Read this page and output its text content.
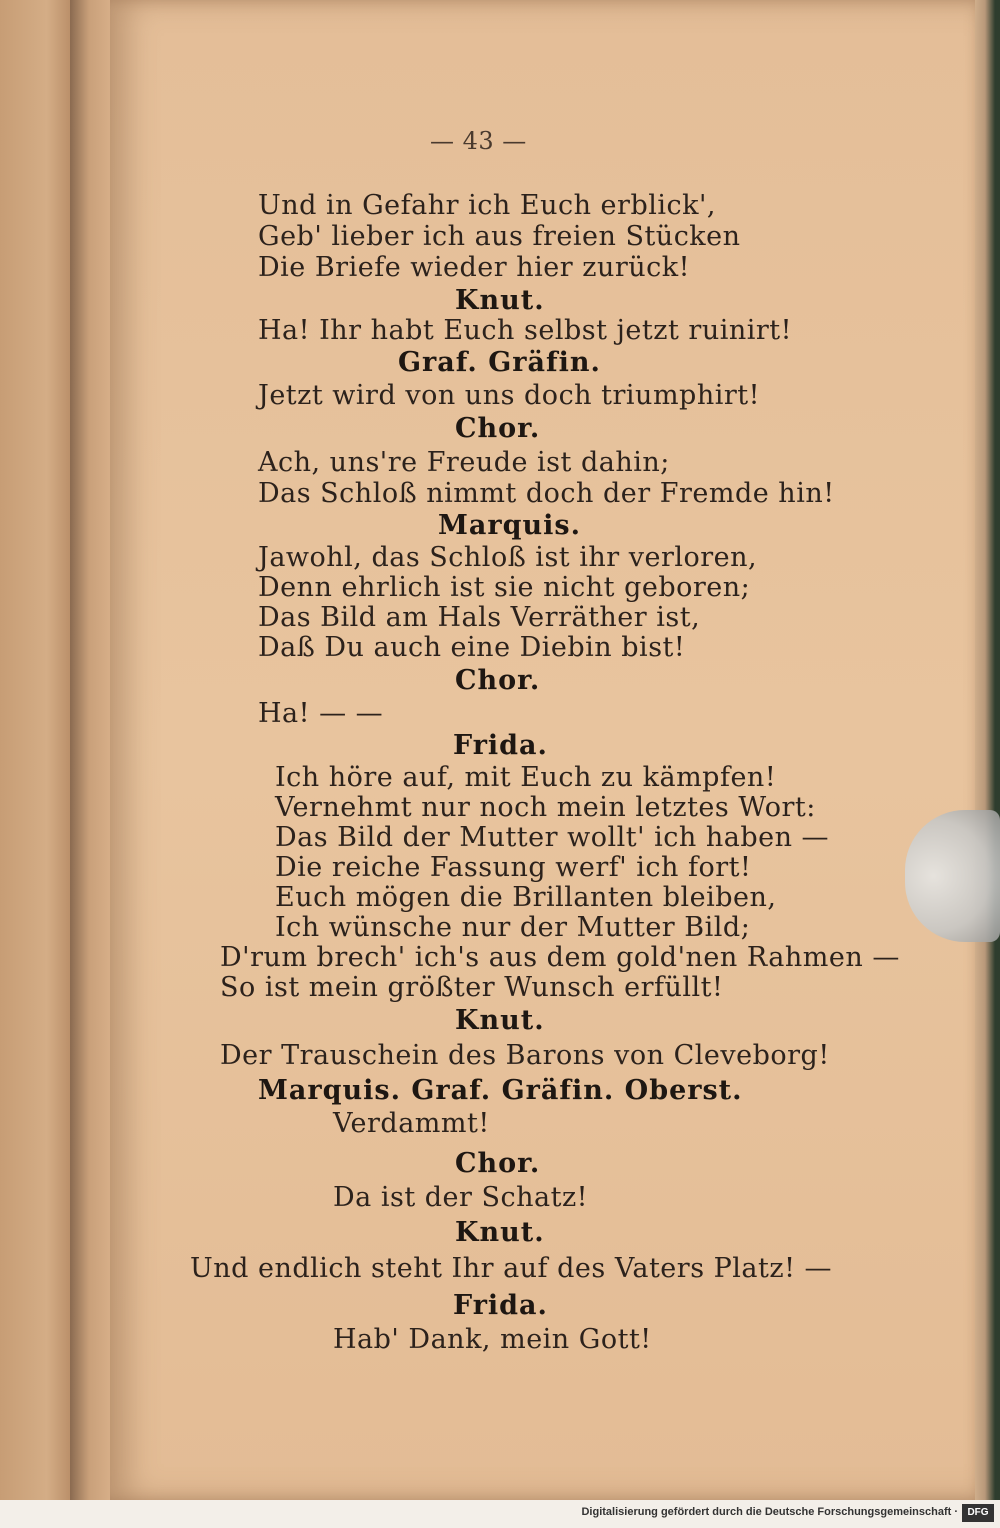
— 43 —
Und in Gefahr ich Euch erblick',
Geb' lieber ich aus freien Stücken
Die Briefe wieder hier zurück!
Knut.
Ha! Ihr habt Euch selbst jetzt ruinirt!
Graf. Gräfin.
Jetzt wird von uns doch triumphirt!
Chor.
Ach, uns're Freude ist dahin;
Das Schloß nimmt doch der Fremde hin!
Marquis.
Jawohl, das Schloß ist ihr verloren,
Denn ehrlich ist sie nicht geboren;
Das Bild am Hals Verräther ist,
Daß Du auch eine Diebin bist!
Chor.
Ha! — —
Frida.
Ich höre auf, mit Euch zu kämpfen!
Vernehmt nur noch mein letztes Wort:
Das Bild der Mutter wollt' ich haben —
Die reiche Fassung werf' ich fort!
Euch mögen die Brillanten bleiben,
Ich wünsche nur der Mutter Bild;
D'rum brech' ich's aus dem gold'nen Rahmen —
So ist mein größter Wunsch erfüllt!
Knut.
Der Trauschein des Barons von Cleveborg!
Marquis. Graf. Gräfin. Oberst.
Verdammt!
Chor.
Da ist der Schatz!
Knut.
Und endlich steht Ihr auf des Vaters Platz! —
Frida.
Hab' Dank, mein Gott!
Digitalisierung gefördert durch die Deutsche Forschungsgemeinschaft · DFG
